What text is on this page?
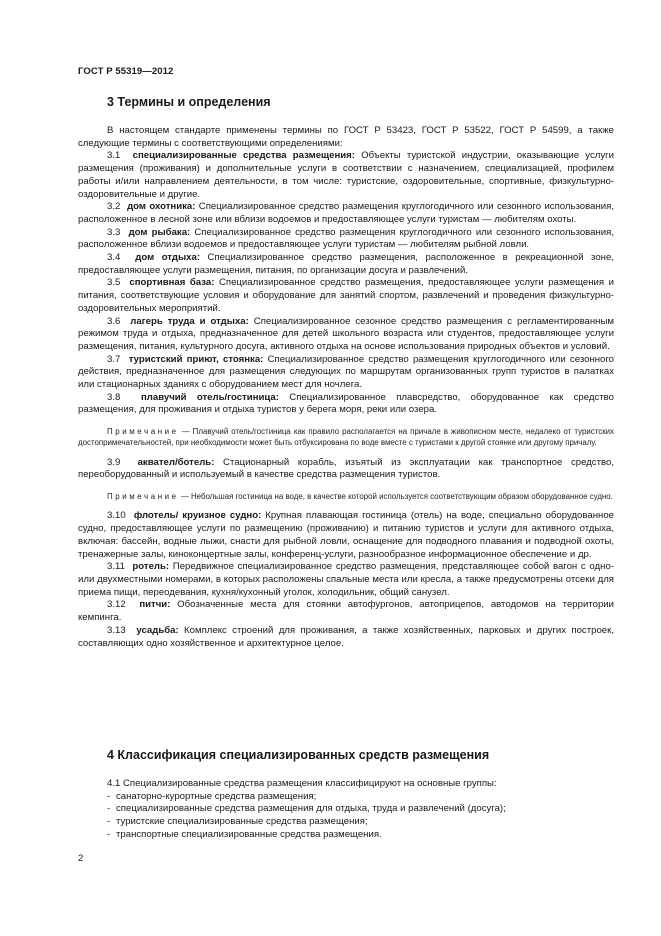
ГОСТ Р 55319—2012
3 Термины и определения

В настоящем стандарте применены термины по ГОСТ Р 53423, ГОСТ Р 53522, ГОСТ Р 54599, а также следующие термины с соответствующими определениями:

3.1 специализированные средства размещения: Объекты туристской индустрии, оказывающие услуги размещения (проживания) и дополнительные услуги в соответствии с назначением, специализацией, профилем работы и/или направлением деятельности, в том числе: туристские, оздоровительные, спортивные, физкультурно-оздоровительные и другие.

3.2 дом охотника: Специализированное средство размещения круглогодичного или сезонного использования, расположенное в лесной зоне или вблизи водоемов и предоставляющее услуги туристам — любителям охоты.

3.3 дом рыбака: Специализированное средство размещения круглогодичного или сезонного использования, расположенное вблизи водоемов и предоставляющее услуги туристам — любителям рыбной ловли.

3.4 дом отдыха: Специализированное средство размещения, расположенное в рекреационной зоне, предоставляющее услуги размещения, питания, по организации досуга и развлечений.

3.5 спортивная база: Специализированное средство размещения, предоставляющее услуги размещения и питания, соответствующие условия и оборудование для занятий спортом, развлечений и проведения физкультурно-оздоровительных мероприятий.

3.6 лагерь труда и отдыха: Специализированное сезонное средство размещения с регламентированным режимом труда и отдыха, предназначенное для детей школьного возраста или студентов, предоставляющее услуги размещения, питания, культурного досуга, активного отдыха на основе использования природных объектов и условий.

3.7 туристский приют, стоянка: Специализированное средство размещения круглогодичного или сезонного действия, предназначенное для размещения следующих по маршрутам организованных групп туристов в палатках или стационарных зданиях с оборудованием мест для ночлега.

3.8 плавучий отель/гостиница: Специализированное плавсредство, оборудованное как средство размещения, для проживания и отдыха туристов у берега моря, реки или озера.

Примечание — Плавучий отель/гостиница как правило располагается на причале в живописном месте, недалеко от туристских достопримечательностей, при необходимости может быть отбуксирована по воде вместе с туристами к другой стоянке или другому причалу.

3.9 аквател/ботель: Стационарный корабль, изъятый из эксплуатации как транспортное средство, переоборудованный и используемый в качестве средства размещения туристов.

Примечание — Небольшая гостиница на воде, в качестве которой используется соответствующим образом оборудованное судно.

3.10 флотель/ круизное судно: Крупная плавающая гостиница (отель) на воде, специально оборудованное судно, предоставляющее услуги по размещению (проживанию) и питанию туристов и услуги для активного отдыха, включая: бассейн, водные лыжи, снасти для рыбной ловли, оснащение для подводного плавания и подводной охоты, тренажерные залы, киноконцертные залы, конференц-услуги, разнообразное информационное обеспечение и др.

3.11 ротель: Передвижное специализированное средство размещения, представляющее собой вагон с одно- или двухместными номерами, в которых расположены спальные места или кресла, а также предусмотрены отсеки для приема пищи, переодевания, кухня/кухонный уголок, холодильник, общий санузел.

3.12 питчи: Обозначенные места для стоянки автофургонов, автоприцепов, автодомов на территории кемпинга.

3.13 усадьба: Комплекс строений для проживания, а также хозяйственных, парковых и других построек, составляющих одно хозяйственное и архитектурное целое.

4 Классификация специализированных средств размещения

4.1 Специализированные средства размещения классифицируют на основные группы:

- санаторно-курортные средства размещения;
- специализированные средства размещения для отдыха, труда и развлечений (досуга);
- туристские специализированные средства размещения;
- транспортные специализированные средства размещения.
2
